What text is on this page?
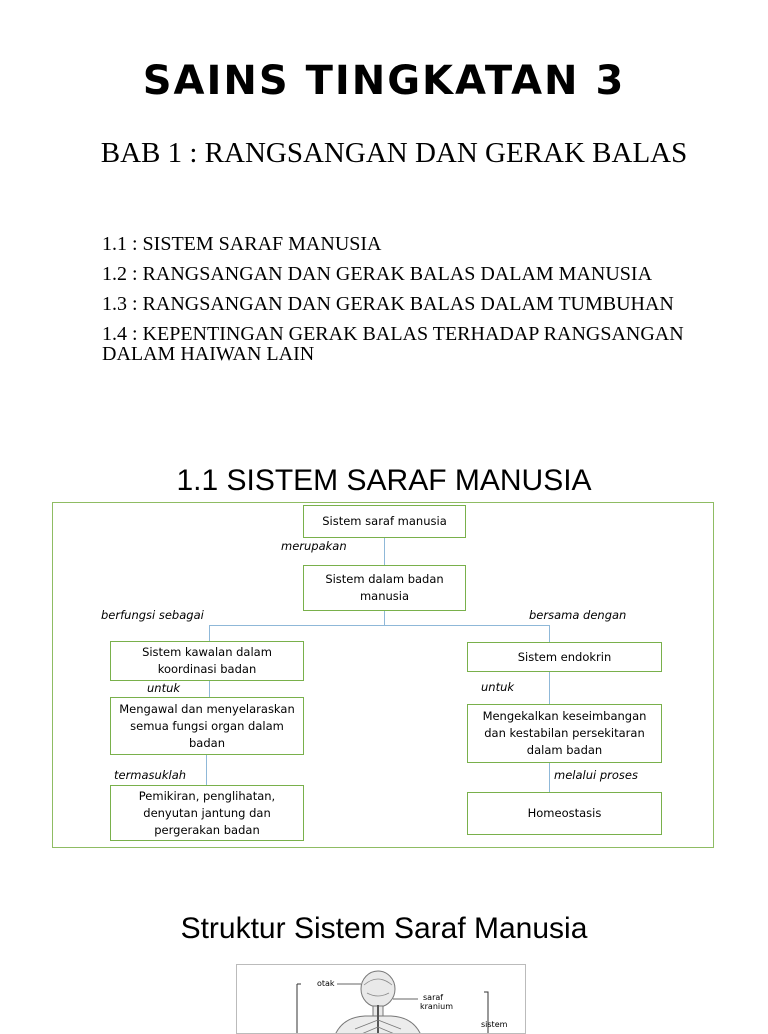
SAINS TINGKATAN 3
BAB 1 : RANGSANGAN DAN GERAK BALAS
1.1 : SISTEM SARAF MANUSIA
1.2 : RANGSANGAN DAN GERAK BALAS DALAM MANUSIA
1.3 : RANGSANGAN DAN GERAK BALAS DALAM TUMBUHAN
1.4 : KEPENTINGAN GERAK BALAS TERHADAP RANGSANGAN DALAM HAIWAN LAIN
1.1 SISTEM SARAF MANUSIA
Sistem saraf manusia
merupakan
Sistem dalam badan manusia
berfungsi sebagai	bersama dengan
Sistem kawalan dalam koordinasi badan
untuk
Mengawal dan menyelaraskan semua fungsi organ dalam badan
termasuklah
Pemikiran, penglihatan, denyutan jantung dan pergerakan badan
Sistem endokrin
untuk
Mengekalkan keseimbangan dan kestabilan persekitaran dalam badan
melalui proses
Homeostasis
Struktur Sistem Saraf Manusia
otak
saraf
kranium
sistem
